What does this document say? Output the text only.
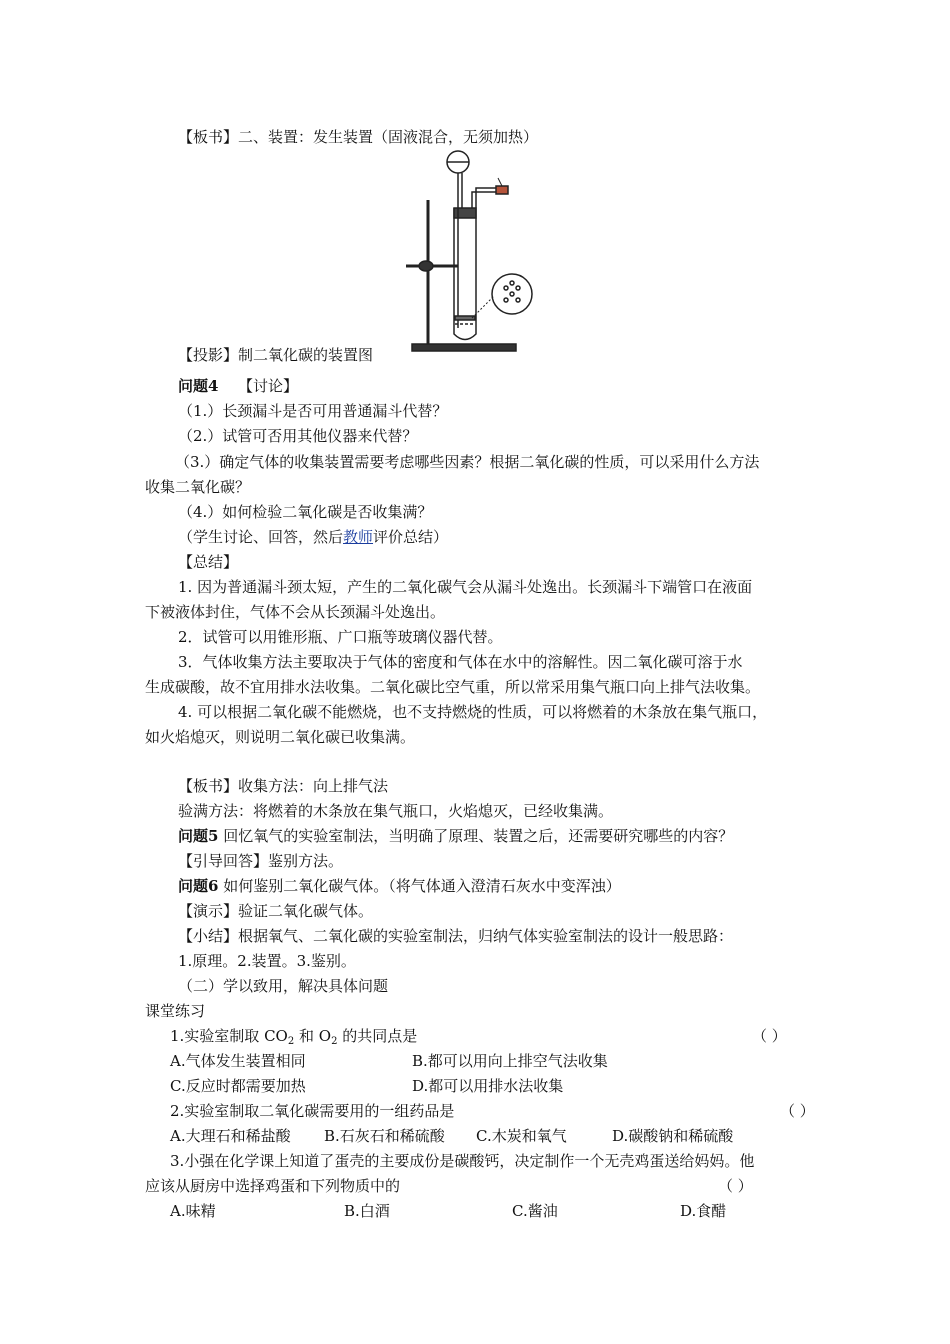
【板书】二、装置：发生装置（固液混合，无须加热）
【投影】制二氧化碳的装置图
问题4 【讨论】
（1.）长颈漏斗是否可用普通漏斗代替？
（2.）试管可否用其他仪器来代替？
（3.）确定气体的收集装置需要考虑哪些因素？根据二氧化碳的性质，可以采用什么方法
收集二氧化碳？
（4.）如何检验二氧化碳是否收集满？
（学生讨论、回答，然后教师评价总结）
【总结】
1. 因为普通漏斗颈太短，产生的二氧化碳气会从漏斗处逸出。长颈漏斗下端管口在液面
下被液体封住，气体不会从长颈漏斗处逸出。
2．试管可以用锥形瓶、广口瓶等玻璃仪器代替。
3．气体收集方法主要取决于气体的密度和气体在水中的溶解性。因二氧化碳可溶于水
生成碳酸，故不宜用排水法收集。二氧化碳比空气重，所以常采用集气瓶口向上排气法收集。
4. 可以根据二氧化碳不能燃烧，也不支持燃烧的性质，可以将燃着的木条放在集气瓶口，
如火焰熄灭，则说明二氧化碳已收集满。
【板书】收集方法：向上排气法
验满方法：将燃着的木条放在集气瓶口，火焰熄灭，已经收集满。
问题5 回忆氧气的实验室制法，当明确了原理、装置之后，还需要研究哪些的内容？
【引导回答】鉴别方法。
问题6 如何鉴别二氧化碳气体。（将气体通入澄清石灰水中变浑浊）
【演示】验证二氧化碳气体。
【小结】根据氧气、二氧化碳的实验室制法，归纳气体实验室制法的设计一般思路：
1.原理。2.装置。3.鉴别。
（二）学以致用，解决具体问题
课堂练习
1.实验室制取 $CO_2$ 和 $O_2$ 的共同点是	（ ）
A.气体发生装置相同	B.都可以用向上排空气法收集
C.反应时都需要加热	D.都可以用排水法收集
2.实验室制取二氧化碳需要用的一组药品是	（ ）
A.大理石和稀盐酸 B.石灰石和稀硫酸 C.木炭和氧气	D.碳酸钠和稀硫酸
3.小强在化学课上知道了蛋壳的主要成份是碳酸钙，决定制作一个无壳鸡蛋送给妈妈。他
应该从厨房中选择鸡蛋和下列物质中的	（ ）
A.味精	B.白酒	C.酱油	D.食醋
